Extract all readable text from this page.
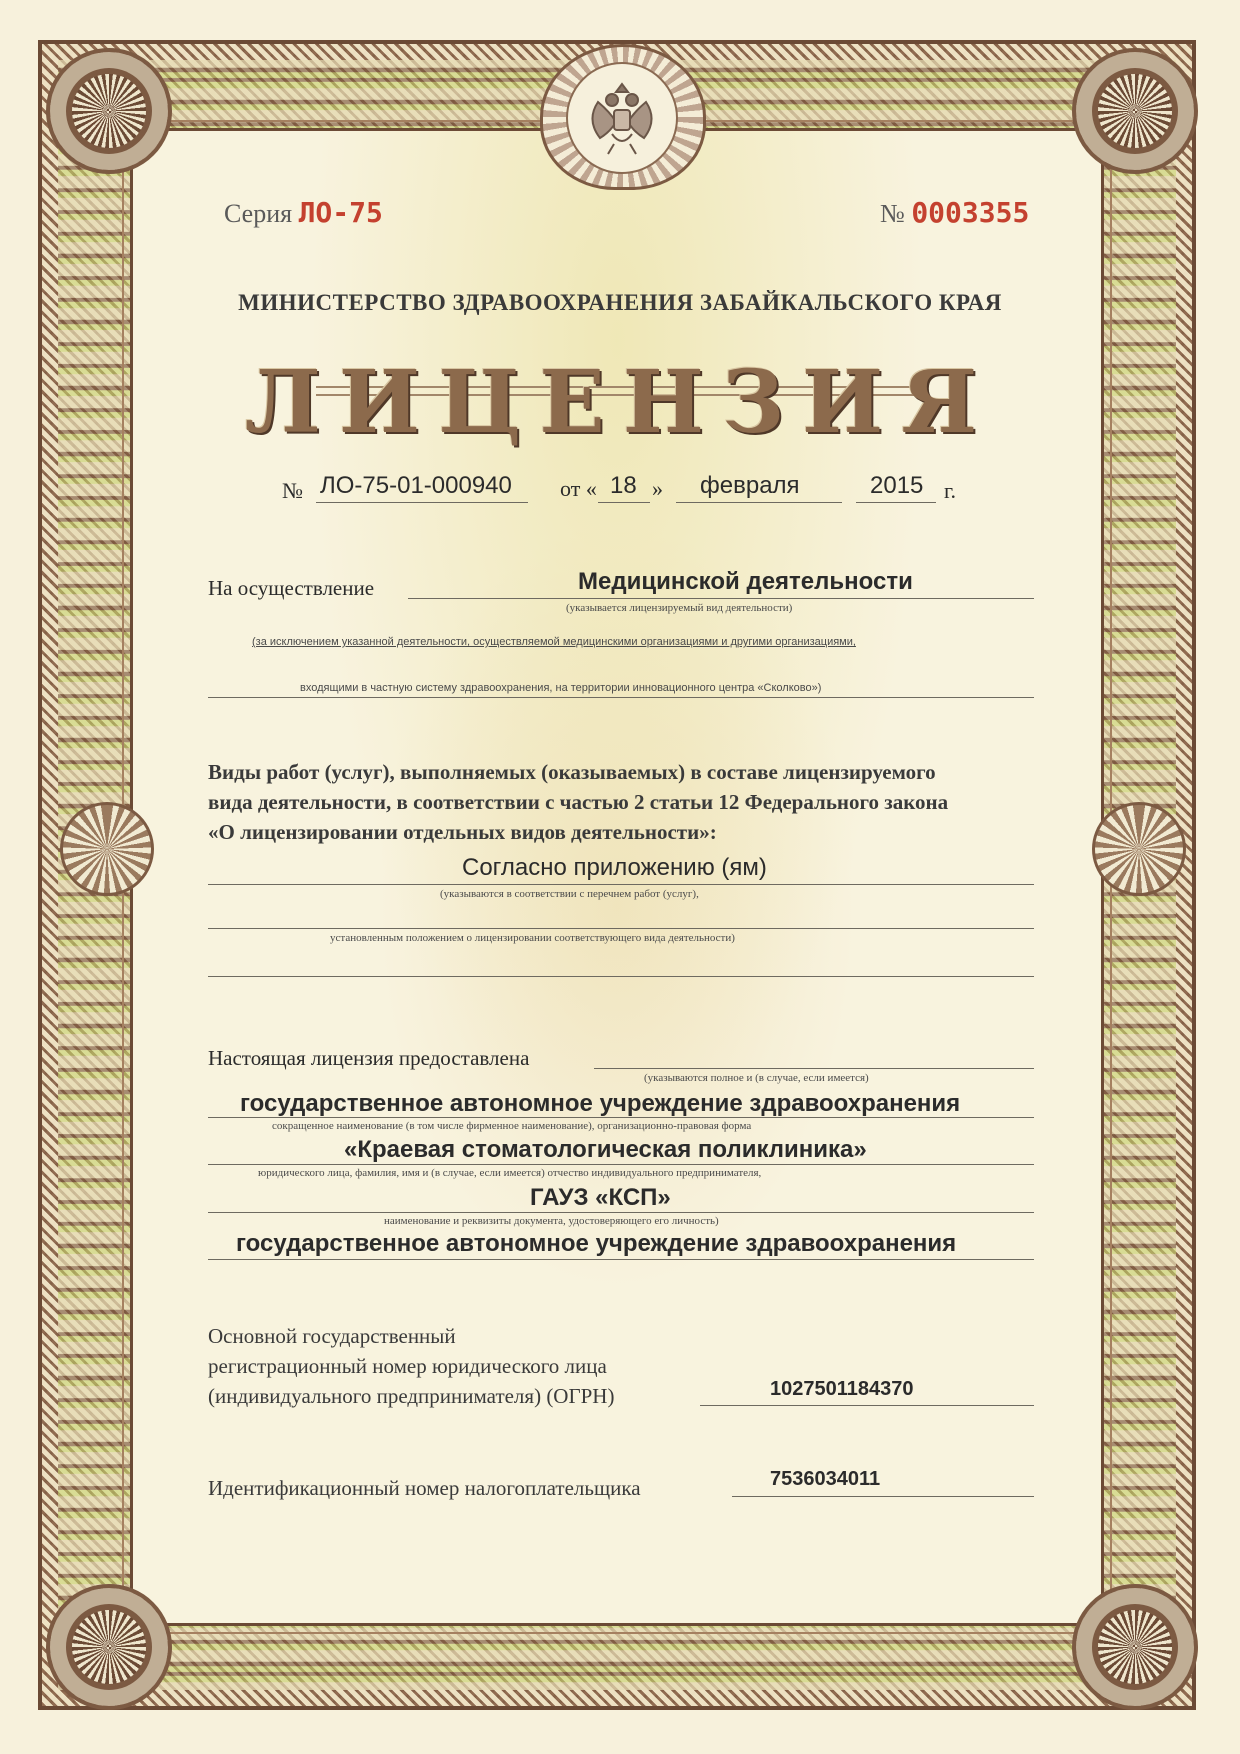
Серия ЛО-75	№ 0003355
МИНИСТЕРСТВО ЗДРАВООХРАНЕНИЯ ЗАБАЙКАЛЬСКОГО КРАЯ
ЛИЦЕНЗИЯ
№ ЛО-75-01-000940 от « 18 » февраля	2015 г.
На осуществление	Медицинской деятельности
(указывается лицензируемый вид деятельности)
(за исключением указанной деятельности, осуществляемой медицинскими организациями и другими организациями,
входящими в частную систему здравоохранения, на территории инновационного центра «Сколково»)
Виды работ (услуг), выполняемых (оказываемых) в составе лицензируемого
вида деятельности, в соответствии с частью 2 статьи 12 Федерального закона
«О лицензировании отдельных видов деятельности»:
Согласно приложению (ям)
(указываются в соответствии с перечнем работ (услуг),
установленным положением о лицензировании соответствующего вида деятельности)
Настоящая лицензия предоставлена
(указываются полное и (в случае, если имеется)
государственное автономное учреждение здравоохранения
сокращенное наименование (в том числе фирменное наименование), организационно-правовая форма
«Краевая стоматологическая поликлиника»
юридического лица, фамилия, имя и (в случае, если имеется) отчество индивидуального предпринимателя,
ГАУЗ «КСП»
наименование и реквизиты документа, удостоверяющего его личность)
государственное автономное учреждение здравоохранения
Основной государственный
регистрационный номер юридического лица
(индивидуального предпринимателя) (ОГРН)	1027501184370
Идентификационный номер налогоплательщика	7536034011
